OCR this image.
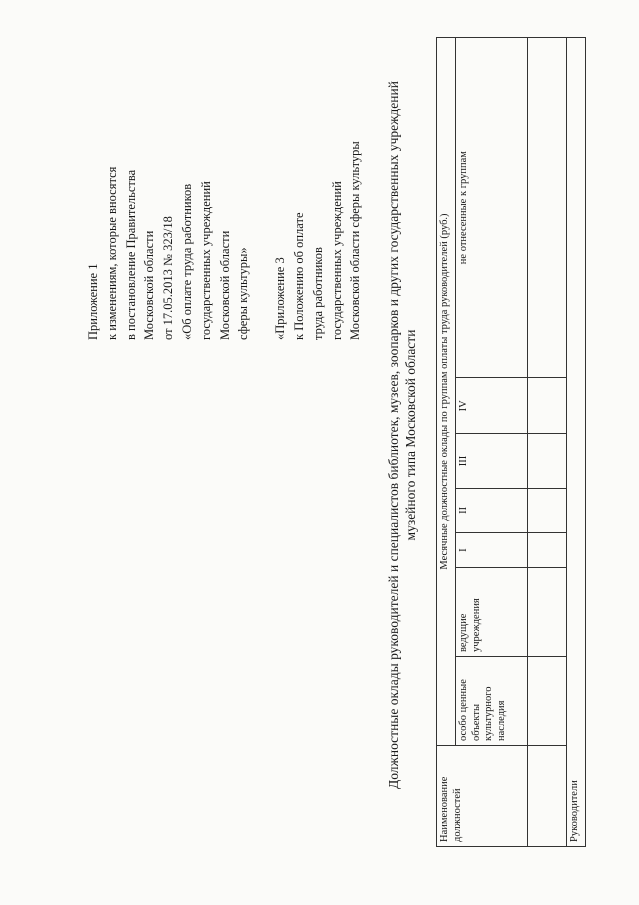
Приложение 1 к изменениям, которые вносятся в постановление Правительства Московской области от 17.05.2013 № 323/18 «Об оплате труда работников государственных учреждений Московской области сферы культуры» «Приложение 3 к Положению об оплате труда работников государственных учреждений Московской области сферы культуры Должностные оклады руководителей и специалистов библиотек, музеев, зоопарков и других государственных учреждений музейного типа Московской области
Наименование должностей	Месячные должностные оклады по группам оплаты труда руководителей (руб.)						
	особо ценные объекты культурного наследия	ведущие учреждения	I	II	III	IV	не отнесенные к группам

Руководители							
